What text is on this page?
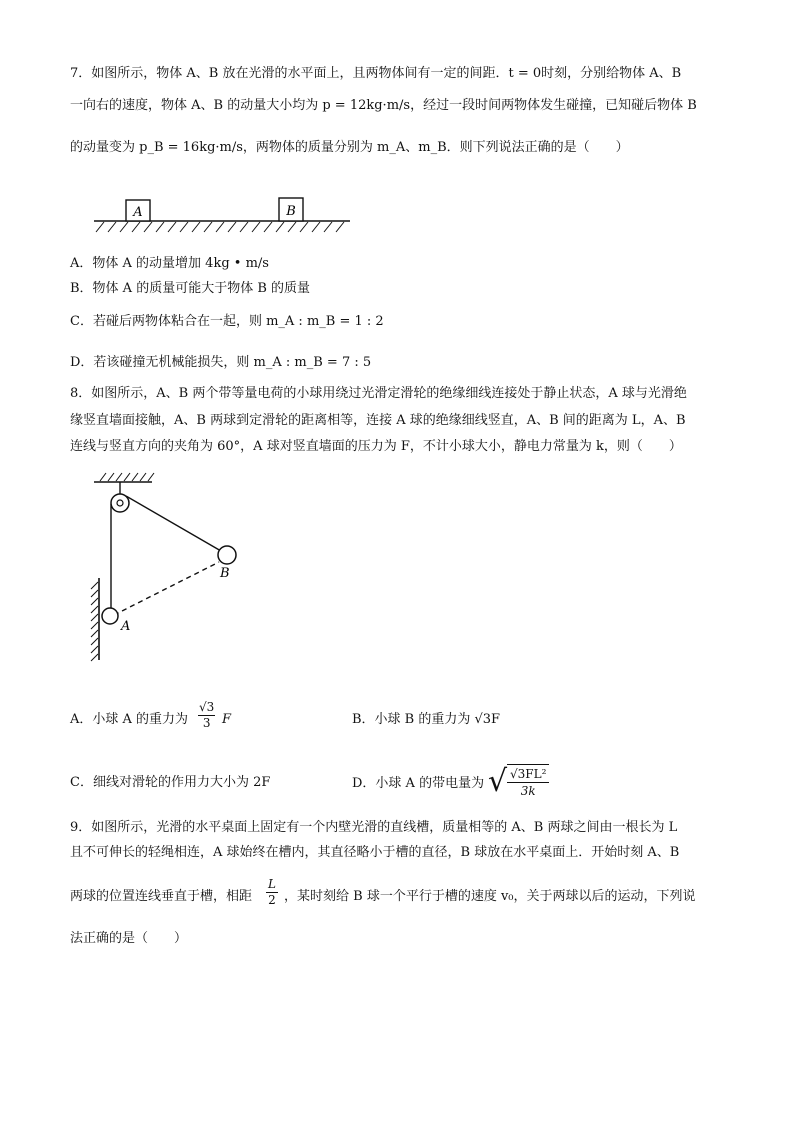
7．如图所示，物体 A、B 放在光滑的水平面上，且两物体间有一定的间距．t = 0时刻，分别给物体 A、B
一向右的速度，物体 A、B 的动量大小均为 p = 12kg·m/s，经过一段时间两物体发生碰撞，已知碰后物体 B
的动量变为 p_B = 16kg·m/s，两物体的质量分别为 m_A、m_B．则下列说法正确的是（　　）
A	B
A．物体 A 的动量增加 4kg • m/s
B．物体 A 的质量可能大于物体 B 的质量
C．若碰后两物体粘合在一起，则 m_A : m_B = 1 : 2
D．若该碰撞无机械能损失，则 m_A : m_B = 7 : 5
8．如图所示，A、B 两个带等量电荷的小球用绕过光滑定滑轮的绝缘细线连接处于静止状态，A 球与光滑绝
缘竖直墙面接触，A、B 两球到定滑轮的距离相等，连接 A 球的绝缘细线竖直，A、B 间的距离为 L，A、B
连线与竖直方向的夹角为 60°，A 球对竖直墙面的压力为 F，不计小球大小，静电力常量为 k，则（　　）
A
B
A．小球 A 的重力为 $\frac{√3}{3}$ F	B．小球 B 的重力为 √3F
C．细线对滑轮的作用力大小为 2F	D．小球 A 的带电量为 √ $\frac{\text{√3FL²}}{3k}$
9．如图所示，光滑的水平桌面上固定有一个内壁光滑的直线槽，质量相等的 A、B 两球之间由一根长为 L
且不可伸长的轻绳相连，A 球始终在槽内，其直径略小于槽的直径，B 球放在水平桌面上．开始时刻 A、B
两球的位置连线垂直于槽，相距 $\frac{L}{2}$ ，某时刻给 B 球一个平行于槽的速度 v₀，关于两球以后的运动，下列说
法正确的是（　　）
